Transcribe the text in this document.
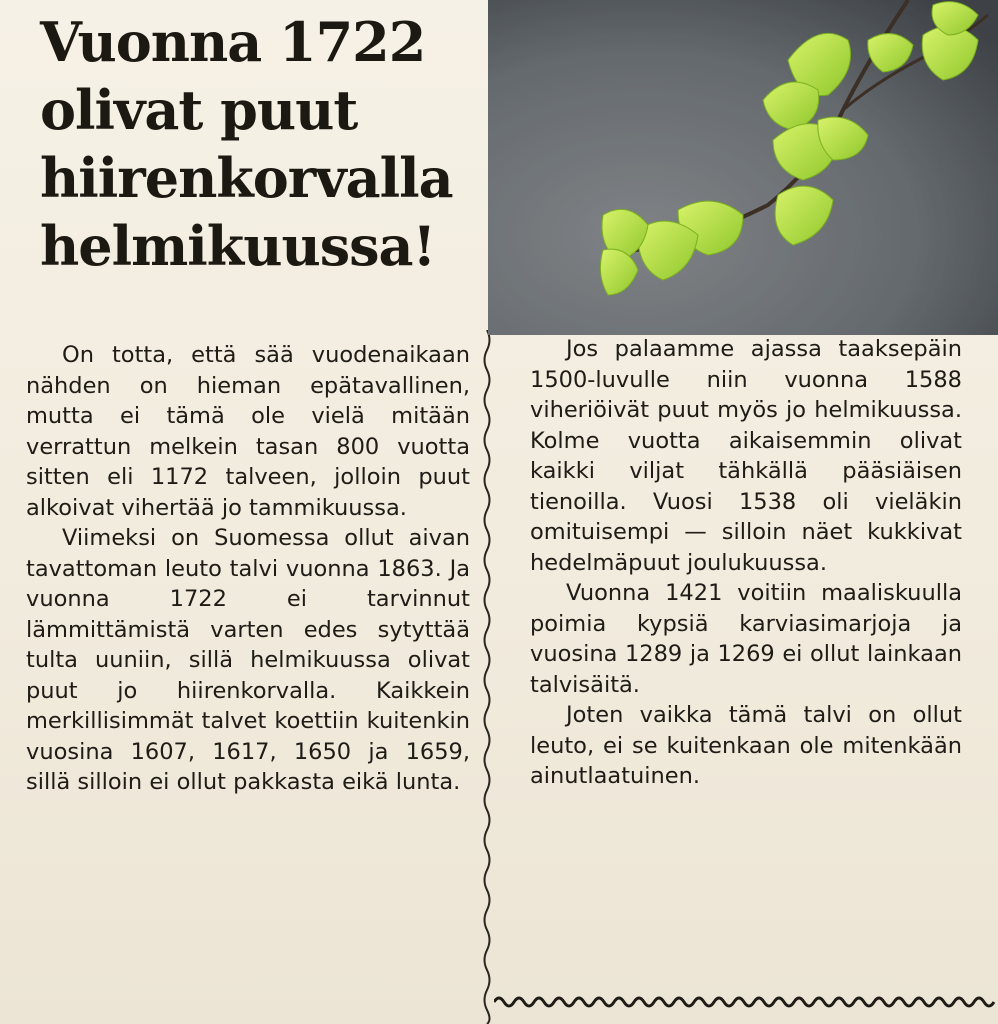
Vuonna 1722
olivat puut
hiirenkorvalla
helmikuussa!

On totta, että sää vuodenaikaan nähden on hieman epätavallinen, mutta ei tämä ole vielä mitään verrattun melkein tasan 800 vuotta sitten eli 1172 talveen, jolloin puut alkoivat vihertää jo tammikuussa.

Viimeksi on Suomessa ollut aivan tavattoman leuto talvi vuonna 1863. Ja vuonna 1722 ei tarvinnut lämmittämistä varten edes sytyttää tulta uuniin, sillä helmikuussa olivat puut jo hiirenkorvalla. Kaikkein merkillisimmät talvet koettiin kuitenkin vuosina 1607, 1617, 1650 ja 1659, sillä silloin ei ollut pakkasta eikä lunta.

Jos palaamme ajassa taaksepäin 1500-luvulle niin vuonna 1588 viheriöivät puut myös jo helmikuussa. Kolme vuotta aikaisemmin olivat kaikki viljat tähkällä pääsiäisen tienoilla. Vuosi 1538 oli vieläkin omituisempi — silloin näet kukkivat hedelmäpuut joulukuussa.

Vuonna 1421 voitiin maaliskuulla poimia kypsiä karviasimarjoja ja vuosina 1289 ja 1269 ei ollut lainkaan talvisäitä.

Joten vaikka tämä talvi on ollut leuto, ei se kuitenkaan ole mitenkään ainutlaatuinen.
